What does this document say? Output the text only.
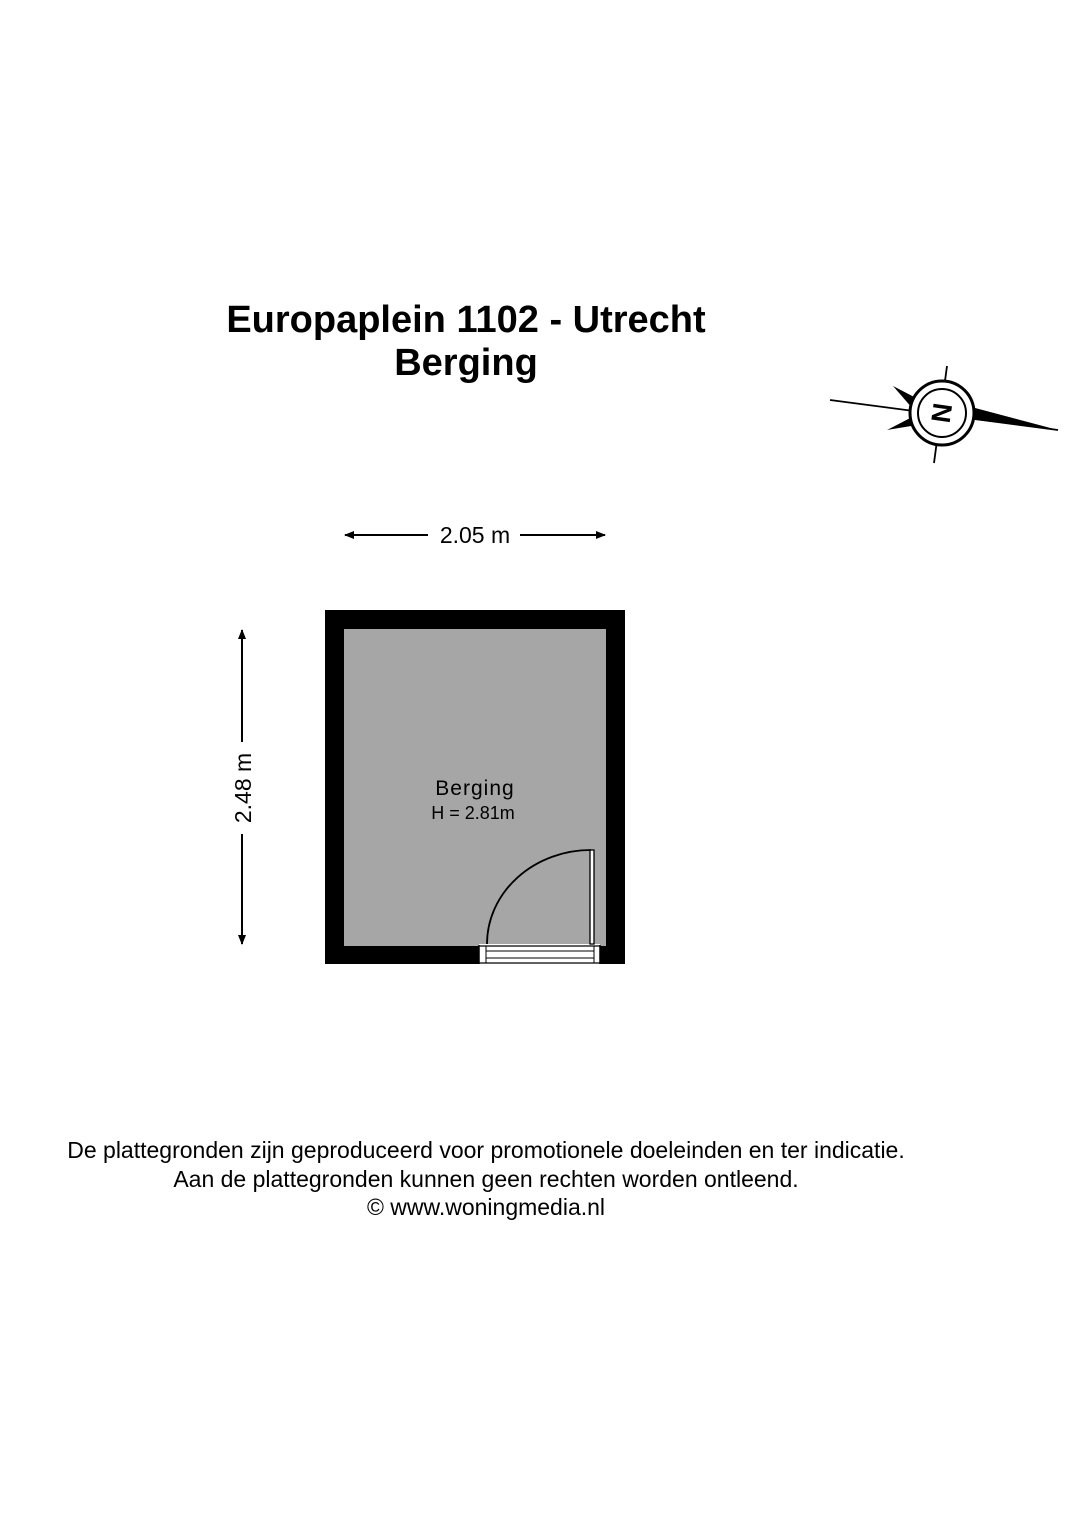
Europaplein 1102 - Utrecht
Berging
2.05 m
2.48 m	Berging
H = 2.81m
N
De plattegronden zijn geproduceerd voor promotionele doeleinden en ter indicatie.
Aan de plattegronden kunnen geen rechten worden ontleend.
© www.woningmedia.nl
